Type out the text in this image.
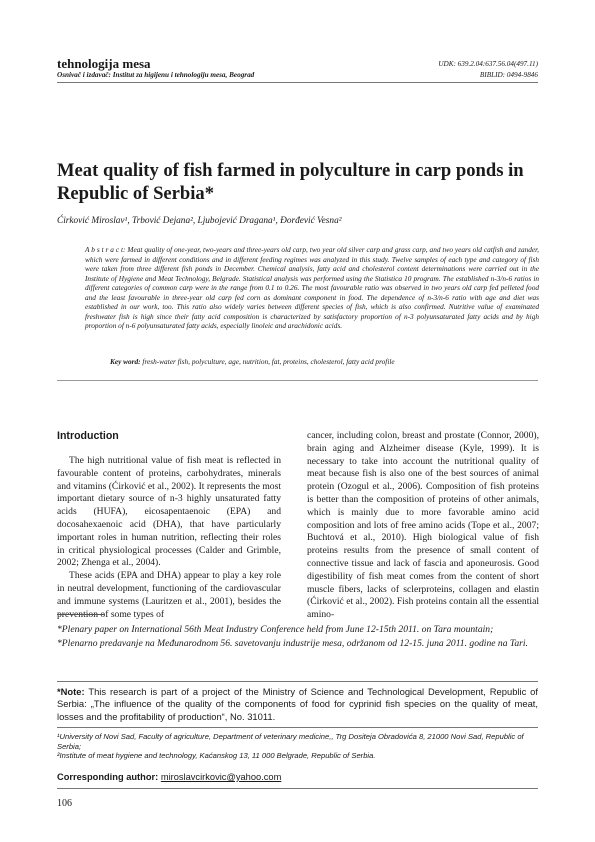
tehnologija mesa
Osnivač i izdavač: Institut za higijenu i tehnologiju mesa, Beograd
UDK: 639.2.04:637.56.04(497.11)
BIBLID: 0494-9846
Meat quality of fish farmed in polyculture in carp ponds in Republic of Serbia*
Ćirković Miroslav¹, Trbović Dejana², Ljubojević Dragana¹, Đorđević Vesna²
A b s t r a c t: Meat quality of one-year, two-years and three-years old carp, two year old silver carp and grass carp, and two years old catfish and zander, which were farmed in different conditions and in different feeding regimes was analyzed in this study. Twelve samples of each type and category of fish were taken from three different fish ponds in December. Chemical analysis, fatty acid and cholesterol content determinations were carried out in the Institute of Hygiene and Meat Technology, Belgrade. Statistical analysis was performed using the Statistica 10 program. The established n-3/n-6 ratios in different categories of common carp were in the range from 0.1 to 0.26. The most favourable ratio was observed in two years old carp fed pelleted food and the least favourable in three-year old carp fed corn as dominant component in food. The dependence of n-3/n-6 ratio with age and diet was established in our work, too. This ratio also widely varies between different species of fish, which is also confirmed. Nutritive value of examinated freshwater fish is high since their fatty acid composition is characterized by satisfactory proportion of n-3 polyunsaturated fatty acids and by high proportion of n-6 polyunsaturated fatty acids, especially linoleic and arachidonic acids.
Key word: fresh-water fish, polyculture, age, nutrition, fat, proteins, cholesterol, fatty acid profile
Introduction

The high nutritional value of fish meat is reflected in favourable content of proteins, carbohydrates, minerals and vitamins (Ćirković et al., 2002). It represents the most important dietary source of n-3 highly unsaturated fatty acids (HUFA), eicosapentaenoic (EPA) and docosahexaenoic acid (DHA), that have particularly important roles in human nutrition, reflecting their roles in critical physiological processes (Calder and Grimble, 2002; Zhenga et al., 2004).

These acids (EPA and DHA) appear to play a key role in neutral development, functioning of the cardiovascular and immune systems (Lauritzen et al., 2001), besides the prevention of some types of

cancer, including colon, breast and prostate (Connor, 2000), brain aging and Alzheimer disease (Kyle, 1999). It is necessary to take into account the nutritional quality of meat because fish is also one of the best sources of animal protein (Ozogul et al., 2006). Composition of fish proteins is better than the composition of proteins of other animals, which is mainly due to more favorable amino acid composition and lots of free amino acids (Tope et al., 2007; Buchtová et al., 2010). High biological value of fish proteins results from the presence of small content of connective tissue and lack of fascia and aponeurosis. Good digestibility of fish meat comes from the content of short muscle fibers, lacks of sclerproteins, collagen and elastin (Ćirković et al., 2002). Fish proteins contain all the essential amino-

*Plenary paper on International 56th Meat Industry Conference held from June 12-15th 2011. on Tara mountain;

*Plenarno predavanje na Međunarodnom 56. savetovanju industrije mesa, održanom od 12-15. juna 2011. godine na Tari.

*Note: This research is part of a project of the Ministry of Science and Technological Development, Republic of Serbia: „The influence of the quality of the components of food for cyprinid fish species on the quality of meat, losses and the profitability of production“, No. 31011.

¹University of Novi Sad, Faculty of agriculture, Department of veterinary medicine,, Trg Dositeja Obradovića 8, 21000 Novi Sad, Republic of Serbia;

²Institute of meat hygiene and technology, Kaćanskog 13, 11 000 Belgrade, Republic of Serbia.

Corresponding author: miroslavcirkovic@yahoo.com
106
